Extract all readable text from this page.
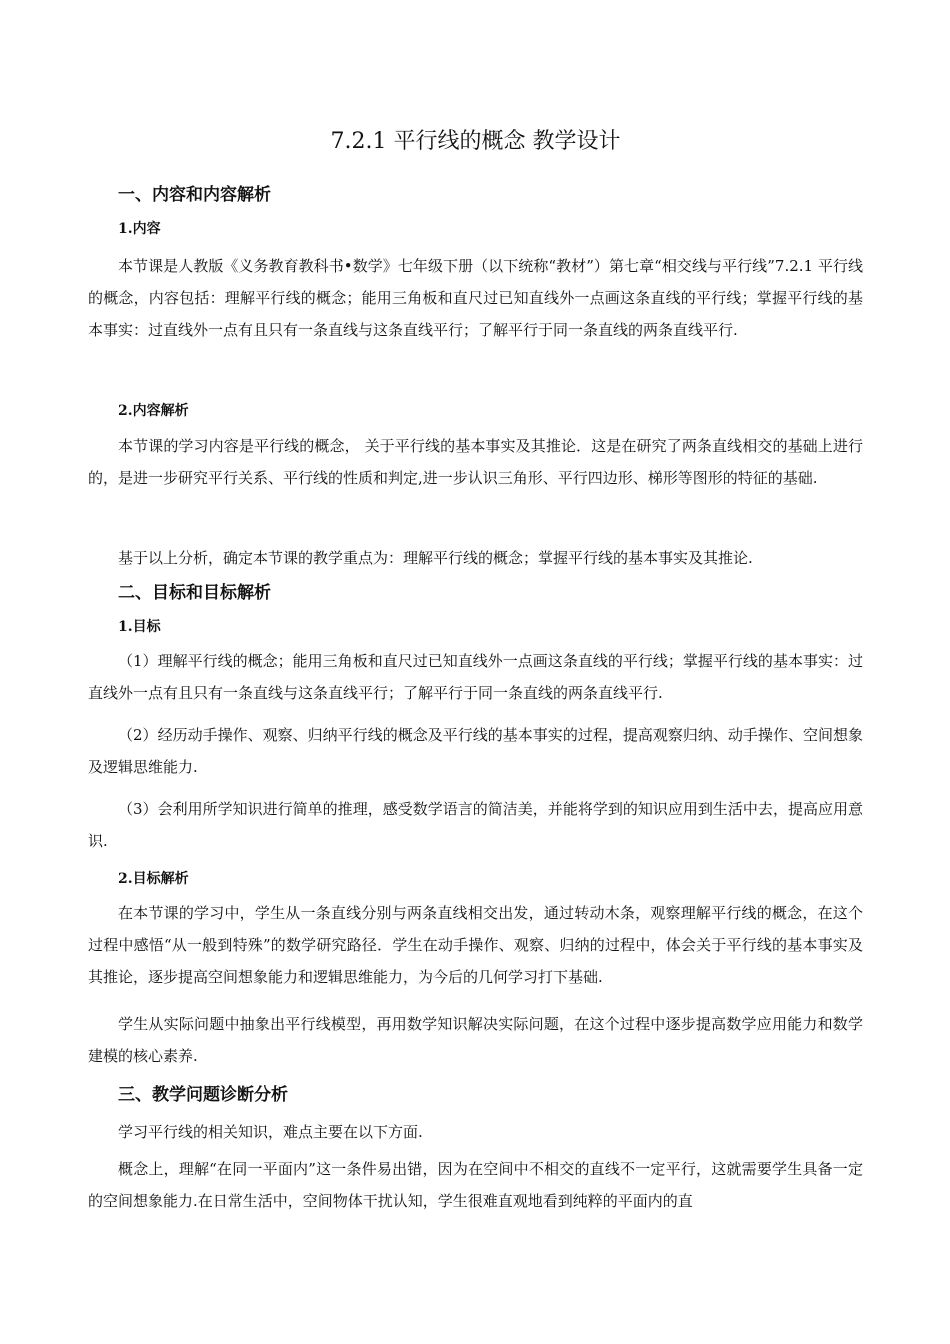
7.2.1 平行线的概念 教学设计
一、内容和内容解析
1.内容

本节课是人教版《义务教育教科书•数学》七年级下册（以下统称“教材”）第七章“相交线与平行线”7.2.1 平行线的概念，内容包括：理解平行线的概念；能用三角板和直尺过已知直线外一点画这条直线的平行线；掌握平行线的基本事实：过直线外一点有且只有一条直线与这条直线平行；了解平行于同一条直线的两条直线平行.

2.内容解析

本节课的学习内容是平行线的概念， 关于平行线的基本事实及其推论．这是在研究了两条直线相交的基础上进行的，是进一步研究平行关系、平行线的性质和判定,进一步认识三角形、平行四边形、梯形等图形的特征的基础.

基于以上分析，确定本节课的教学重点为：理解平行线的概念；掌握平行线的基本事实及其推论.

二、目标和目标解析
1.目标

（1）理解平行线的概念；能用三角板和直尺过已知直线外一点画这条直线的平行线；掌握平行线的基本事实：过直线外一点有且只有一条直线与这条直线平行；了解平行于同一条直线的两条直线平行.

（2）经历动手操作、观察、归纳平行线的概念及平行线的基本事实的过程，提高观察归纳、动手操作、空间想象及逻辑思维能力.

（3）会利用所学知识进行简单的推理，感受数学语言的简洁美，并能将学到的知识应用到生活中去，提高应用意识.

2.目标解析

在本节课的学习中，学生从一条直线分别与两条直线相交出发，通过转动木条，观察理解平行线的概念，在这个过程中感悟“从一般到特殊”的数学研究路径．学生在动手操作、观察、归纳的过程中，体会关于平行线的基本事实及其推论，逐步提高空间想象能力和逻辑思维能力，为今后的几何学习打下基础.

学生从实际问题中抽象出平行线模型，再用数学知识解决实际问题，在这个过程中逐步提高数学应用能力和数学建模的核心素养.

三、教学问题诊断分析

学习平行线的相关知识，难点主要在以下方面.

概念上，理解“在同一平面内”这一条件易出错，因为在空间中不相交的直线不一定平行，这就需要学生具备一定的空间想象能力.在日常生活中，空间物体干扰认知，学生很难直观地看到纯粹的平面内的直
